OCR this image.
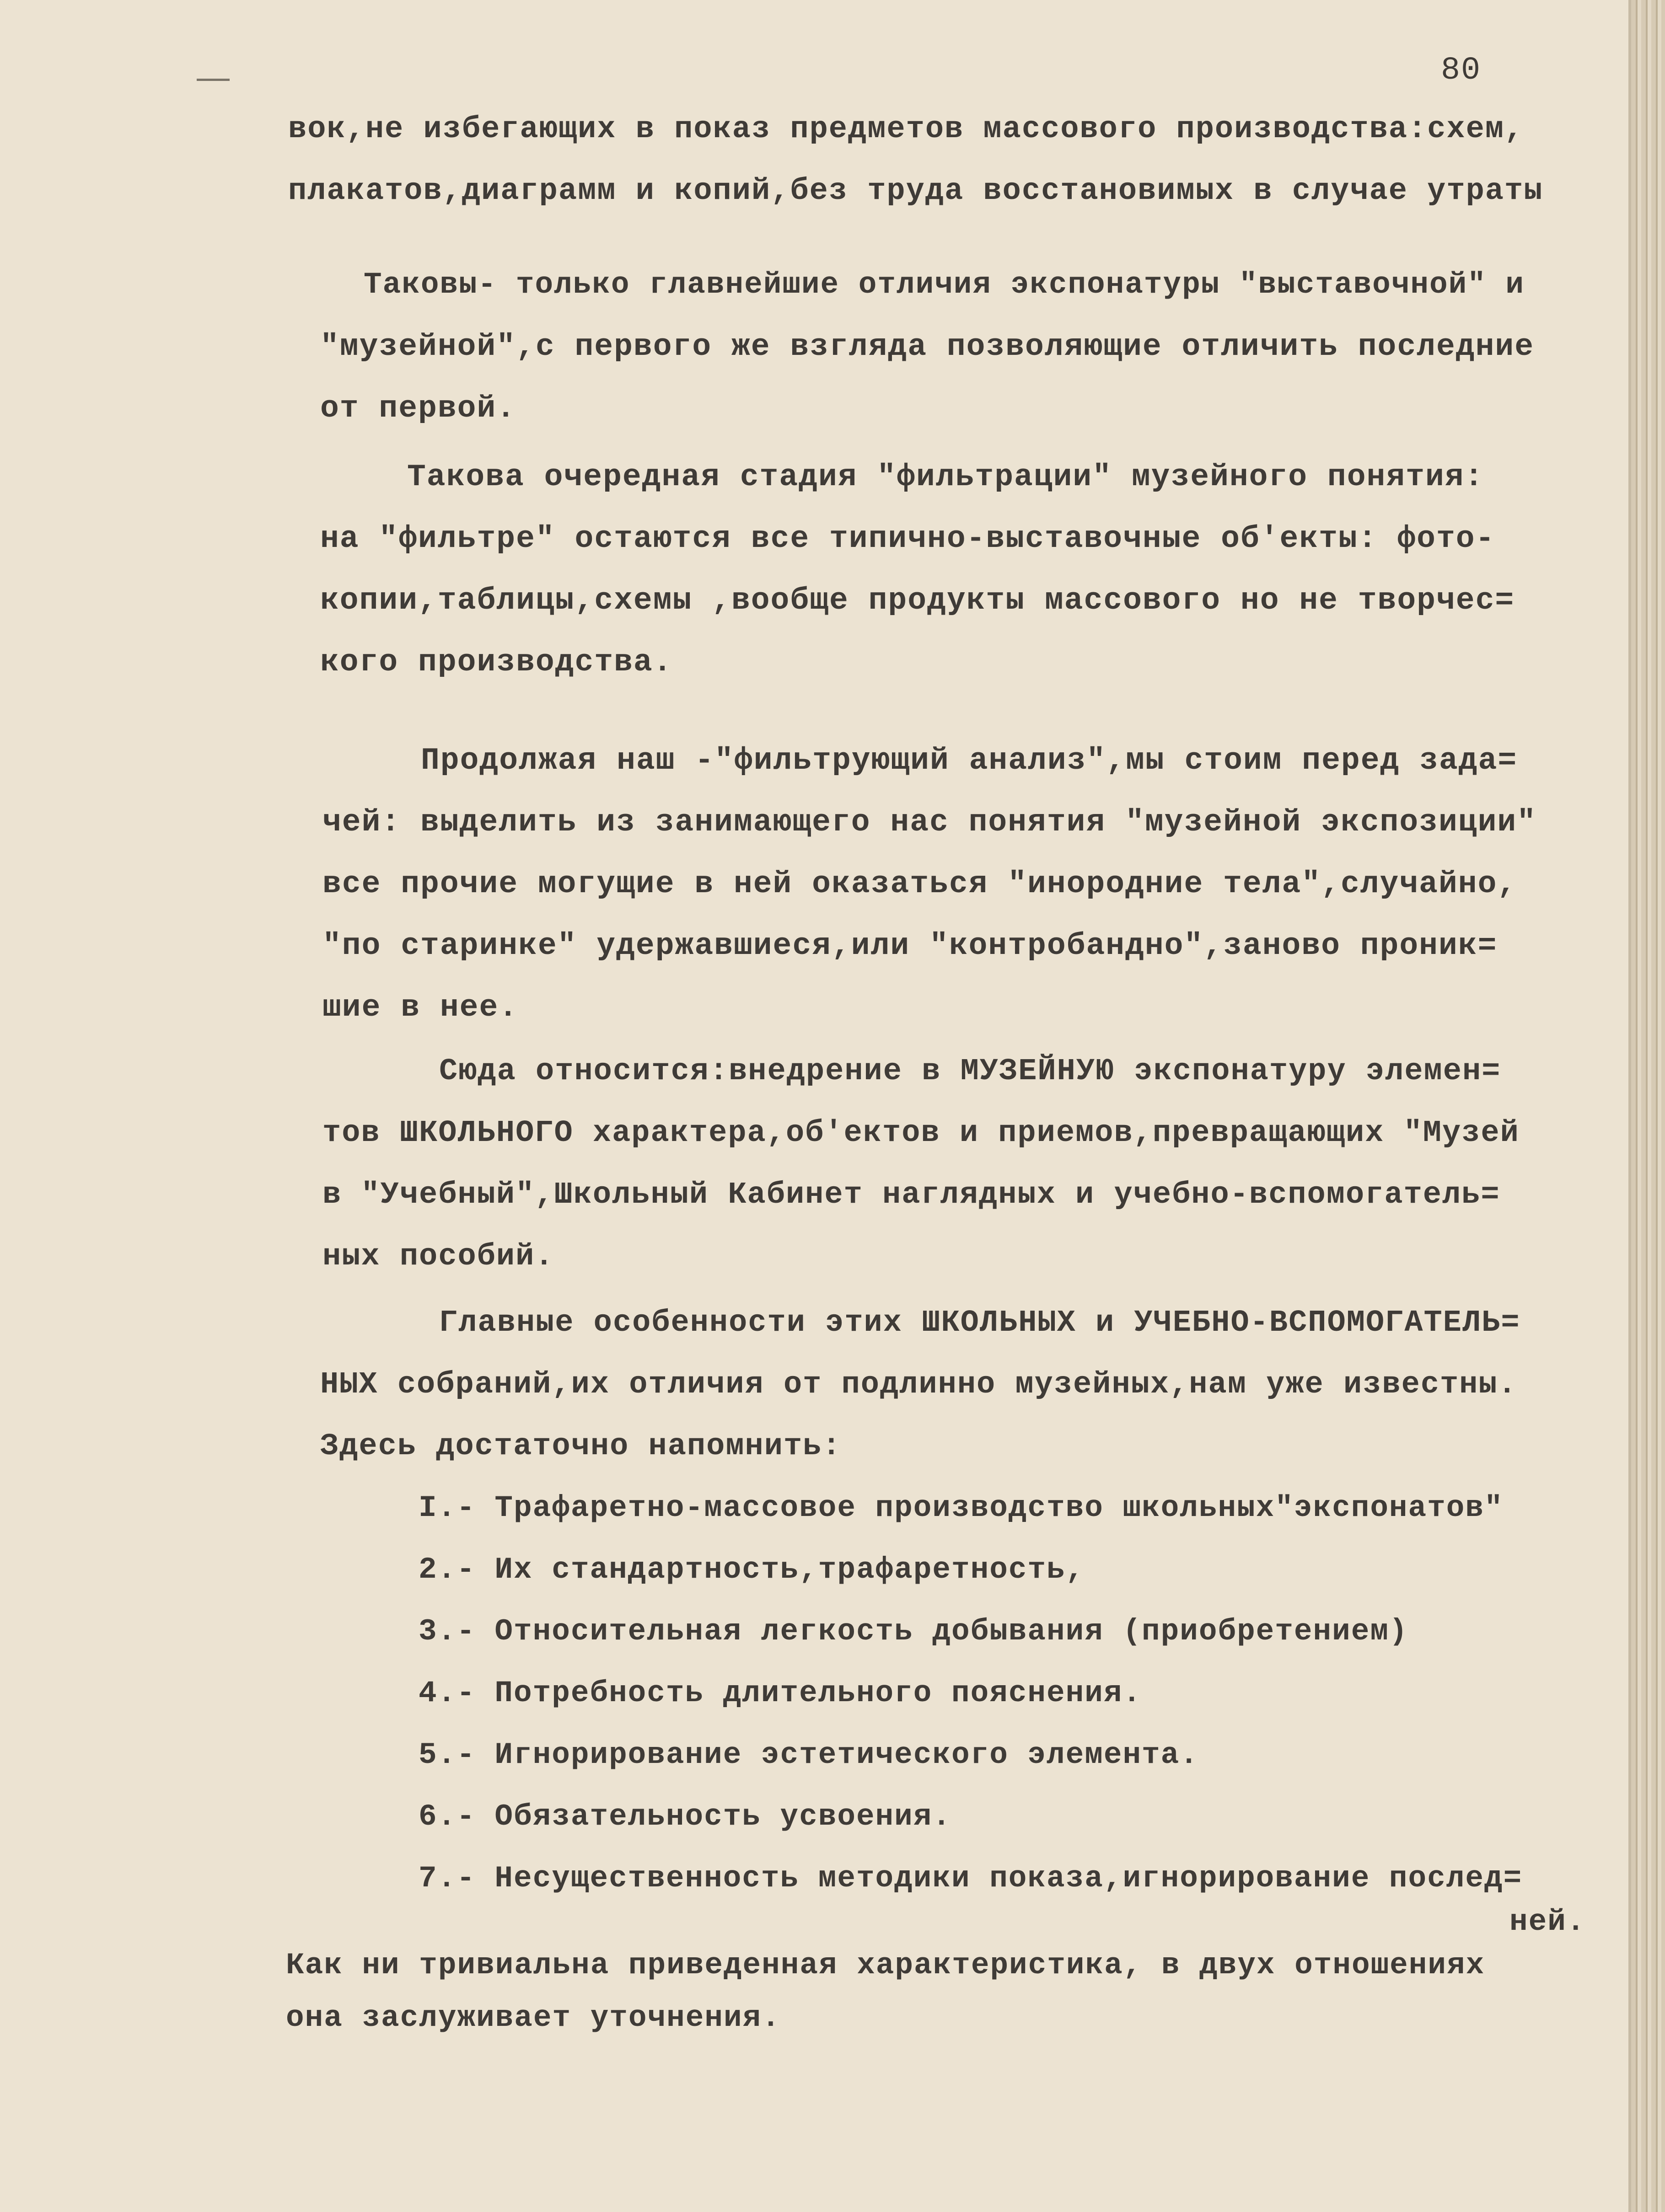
80
вок,не избегающих в показ предметов массового производства:схем,
плакатов,диаграмм и копий,без труда восстановимых в случае утраты
Таковы- только главнейшие отличия экспонатуры "выставочной" и
"музейной",с первого же взгляда позволяющие отличить последние
от первой.
Такова очередная стадия "фильтрации" музейного понятия:
на "фильтре" остаются все типично-выставочные об'екты: фото-
копии,таблицы,схемы ,вообще продукты массового но не творчес=
кого производства.
Продолжая наш -"фильтрующий анализ",мы стоим перед зада=
чей: выделить из занимающего нас понятия "музейной экспозиции"
все прочие могущие в ней оказаться "инородние тела",случайно,
"по старинке" удержавшиеся,или "контробандно",заново проник=
шие в нее.
Сюда относится:внедрение в МУЗЕЙНУЮ экспонатуру элемен=
тов ШКОЛЬНОГО характера,об'ектов и приемов,превращающих "Музей
в "Учебный",Школьный Кабинет наглядных и учебно-вспомогатель=
ных пособий.
Главные особенности этих ШКОЛЬНЫХ и УЧЕБНО-ВСПОМОГАТЕЛЬ=
НЫХ собраний,их отличия от подлинно музейных,нам уже известны.
Здесь достаточно напомнить:
I.- Трафаретно-массовое производство школьных"экспонатов"
2.- Их стандартность,трафаретность,
3.- Относительная легкость добывания (приобретением)
4.- Потребность длительного пояснения.
5.- Игнорирование эстетического элемента.
6.- Обязательность усвоения.
7.- Несущественность методики показа,игнорирование послед=
ней.
Как ни тривиальна приведенная характеристика, в двух отношениях
она заслуживает уточнения.
